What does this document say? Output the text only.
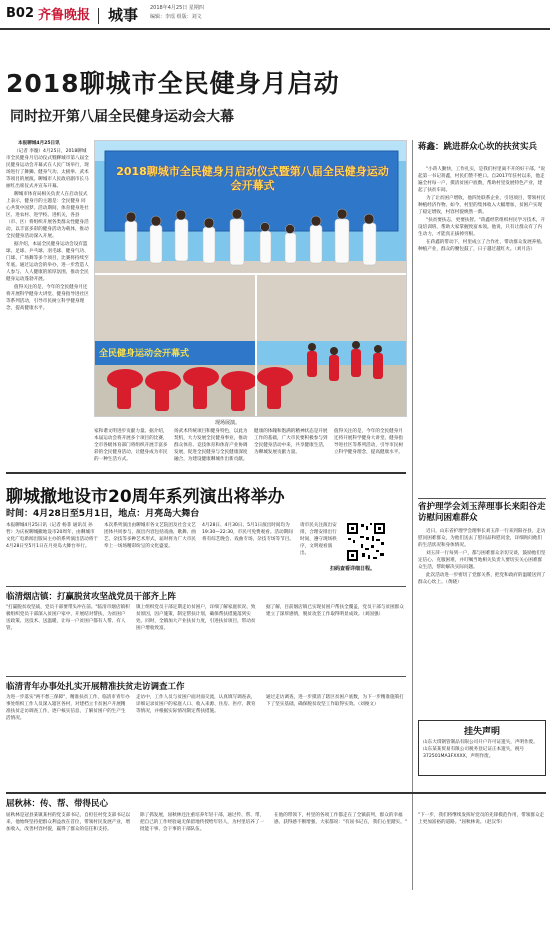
B02 齐鲁晚报 城事 2018年4月25日 星期四
编辑：李瑶 组版：刘文
2018聊城市全民健身月启动
同时拉开第八届全民健身运动会大幕

本报聊城4月25日讯

（记者 李璇）4月25日，2018聊城市全民健身月启动仪式暨聊城市第八届全民健身运动会开幕式在人民广场举行，现场进行了舞狮、健身气功、太极拳、武术等项目的展演。聊城市人民政府副市长马丽红出席仪式并宣布开幕。

聊城市体育局相关负责人在启动仪式上表示，健身月的主题是：全民健身 同心共筑中国梦。活动期间，体育健身进社区、进农村、进学校、进机关，各县（市、区）将组织开展各类群众性健身活动，以丰富多彩的健身活动为载体，推动全民健身活动深入开展。

据介绍，本届全民健身运动会设有篮球、足球、乒乓球、羽毛球、健身气功、门球、广场舞等多个项目，比赛将持续至年底。通过运动会的举办，进一步营造人人参与、人人健康的浓厚氛围，推动全民健身运动蓬勃开展。

值得关注的是，今年的全民健身月还将开展科学健身大讲堂、健身指导进社区等系列活动，引导市民树立科学健身理念，提高健康水平。

2018聊城市全民健身月启动仪式暨第八届全民健身运动会开幕式
全民健身运动会开幕式
现场展演。
家和谐文明进步贡献力量。据介绍，本届运动会将开展多个项目的比赛，全市各级体育部门将组织开展丰富多彩的全民健身活动，让健身成为市民的一种生活方式。
扬武术传统项目和健身特色，以此为契机，大力发展全民健身事业，推动群众体育、竞技体育和体育产业协调发展，促进全民健身与全民健康深度融合，为建设健康聊城作出新贡献。
健康的体魄和饱满的精神状态是开展工作的基础，广大市民要积极参与到全民健身活动中来，共享健康生活，为聊城发展贡献力量。
值得关注的是，今年的全民健身月还将开展科学健身大讲堂、健身指导进社区等系列活动，引导市民树立科学健身理念，提高健康水平。
蒋鑫：跳进群众心坎的扶贫实兵

"小蒋人勤快，工作扎实，是我们村里离不开的好干部。"说起第一书记蒋鑫，村民们赞不绝口。自2017年驻村以来，他走遍全村每一户，摸清贫困户底数，帮助村里发展特色产业，建起了扶贫车间。

为了让贫困户增收，他四处联系企业，引进项目，带领村民种植经济作物。如今，村里的集体收入大幅增加，贫困户实现了稳定增收，村容村貌焕然一新。

"扶贫要扶志，更要扶智。"蒋鑫经常组织村民学习技术，开设培训班，帮助大家掌握致富本领。他说，只有让群众有了内生动力，才能真正拔掉穷根。

在蒋鑫的带动下，村里成立了合作社，带动群众发展养殖、种植产业，群众的腰包鼓了，日子越过越红火。（刘月洁）

省护理学会刘玉萍理事长来阳谷走访慰问困难群众

近日，山东省护理学会理事长刘玉萍一行来到阳谷县，走访慰问困难群众，为他们送去了慰问品和慰问金，详细询问他们的生活状况和身体情况。

刘玉萍一行每到一户，都与困难群众亲切交谈，鼓励他们坚定信心、克服困难，并叮嘱当地相关负责人要切实关心困难群众生活，帮助解决实际问题。

此次活动进一步密切了党群关系，把党和政府的温暖送到了群众心坎上。（黄晓）

挂失声明
山东大琪钢管制品有限公司开户许可证遗失，声明作废。山东某某贸易有限公司税务登记证正本遗失，税号372501MA3FXXXX，声明作废。
聊城撤地设市20周年系列演出将举办
时间：4月28日至5月1日，地点：月亮岛大舞台
本报聊城4月25日讯（记者 杨菲 通讯员 孙哲）为庆祝聊城撤地设市20周年，由聊城市文化广电新闻出版局主办的系列演出活动将于4月28日至5月1日在月亮岛大舞台举行。
本次系列演出由聊城市各文艺院团及社会文艺团体共同参与，演出内容包括戏曲、歌舞、曲艺、杂技等多种艺术形式，届时将为广大市民奉上一场场精彩纷呈的文化盛宴。
4月28日、4月30日、5月1日演出时间均为19:30—22:30，市民可免费观看。活动期间将有综艺晚会、戏曲专场、杂技专场等节目。
请市民关注演出安排，合理安排出行时间，遵守现场秩序，文明观看演出。
扫码查看详细日程。
临清烟店镇：打赢脱贫攻坚战党员干部齐上阵
"打赢脱贫攻坚战，党员干部要带头冲在前。"临清市烟店镇积极组织党员干部深入贫困户家中，开展结对帮扶，为贫困户送政策、送技术、送温暖，让每一户贫困户都有人帮、有人管。
镇上组织党员干部定期走访贫困户，详细了解家庭状况、致贫原因，因户施策，制定帮扶计划，确保帮扶措施落到实处。同时，全镇加大产业扶贫力度，引进扶贫项目，带动贫困户增收致富。
据了解，目前烟店镇已实现贫困户帮扶全覆盖，党员干部与贫困群众建立了深厚感情，脱贫攻坚工作取得明显成效。（刘国强）
临清青年办事处扎实开展精准扶贫走访调查工作
为进一步落实"两不愁三保障"，精准扶贫工作，临清市青年办事处组织工作人员深入辖区各村，对建档立卡贫困户开展精准扶贫走访调查工作，逐户核实信息，了解贫困户的生产生活情况。
走访中，工作人员与贫困户面对面交流，认真填写调查表，详细记录贫困户的家庭人口、收入来源、住房、医疗、教育等情况，并根据实际情况制定帮扶措施。
通过走访调查，进一步摸清了辖区贫困户底数，为下一步精准施策打下了坚实基础，确保脱贫攻坚工作取得实效。（刘俊文）
屈秋林：传、帮、带得民心
屈秋林是冠县某镇某村的党支部书记，自担任村党支部书记以来，他始终坚持把群众利益放在首位，带领村民发展产业，增加收入，改善村容村貌，赢得了群众的信任和支持。
除了抓发展，屈秋林还注重培养年轻干部，通过传、帮、带，把自己的工作经验毫无保留地传授给年轻人，为村里培养了一批能干事、会干事的干部队伍。
在他的带领下，村里的各项工作都走在了全镇前列，群众的幸福感、获得感不断增强，大家都说："有屈书记在，我们心里踏实。"
"下一步，我们将继续发挥好党员的先锋模范作用，带领群众走上更加富裕的道路。"屈秋林说。（赵汉华）
